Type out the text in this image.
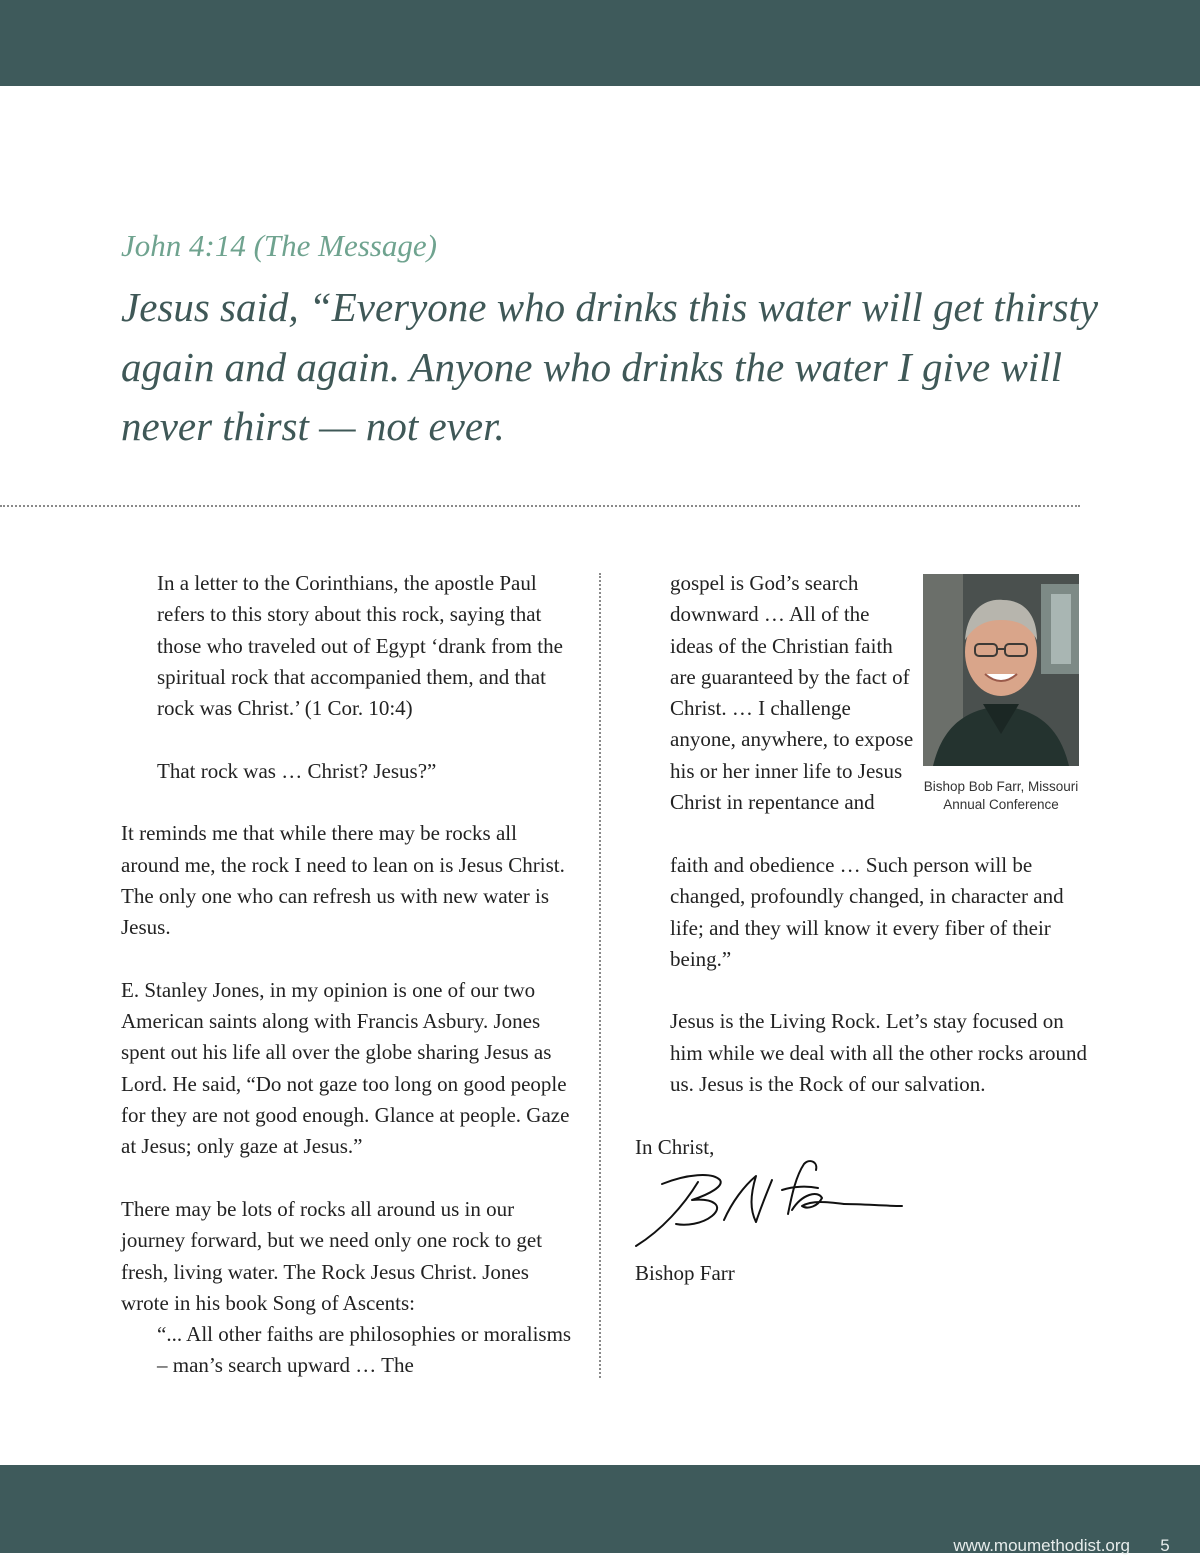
John 4:14 (The Message)
Jesus said, “Everyone who drinks this water will get thirsty again and again. Anyone who drinks the water I give will never thirst — not ever.

In a letter to the Corinthians, the apostle Paul refers to this story about this rock, saying that those who traveled out of Egypt ‘drank from the spiritual rock that accompanied them, and that rock was Christ.’ (1 Cor. 10:4)

That rock was … Christ? Jesus?”

It reminds me that while there may be rocks all around me, the rock I need to lean on is Jesus Christ. The only one who can refresh us with new water is Jesus.

E. Stanley Jones, in my opinion is one of our two American saints along with Francis Asbury. Jones spent out his life all over the globe sharing Jesus as Lord. He said, “Do not gaze too long on good people for they are not good enough. Glance at people. Gaze at Jesus; only gaze at Jesus.”

There may be lots of rocks all around us in our journey forward, but we need only one rock to get fresh, living water. The Rock Jesus Christ. Jones wrote in his book Song of Ascents:

“... All other faiths are philosophies or moralisms – man’s search upward … The

gospel is God’s search downward … All of the ideas of the Christian faith are guaranteed by the fact of Christ. … I challenge anyone, anywhere, to expose his or her inner life to Jesus Christ in repentance and

Bishop Bob Farr, Missouri Annual Conference

faith and obedience … Such person will be changed, profoundly changed, in character and life; and they will know it every fiber of their being.”

Jesus is the Living Rock. Let’s stay focused on him while we deal with all the other rocks around us. Jesus is the Rock of our salvation.

In Christ,
Bishop Farr
www.moumethodist.org	5
